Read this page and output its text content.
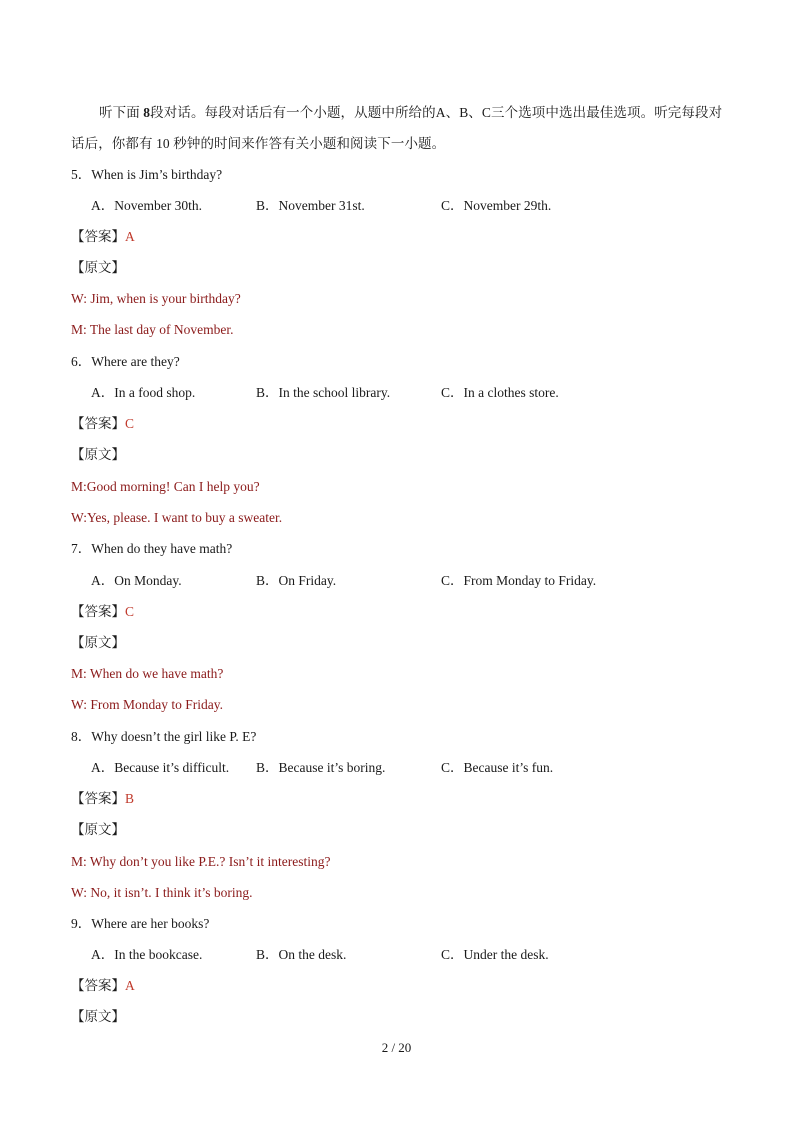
听下面 8段对话。每段对话后有一个小题，从题中所给的A、B、C三个选项中选出最佳选项。听完每段对话后，你都有 10 秒钟的时间来作答有关小题和阅读下一小题。
5．When is Jim’s birthday?
A．November 30th.	B．November 31st.	C．November 29th.
【答案】A
【原文】
W: Jim, when is your birthday?
M: The last day of November.
6．Where are they?
A．In a food shop.	B．In the school library.	C．In a clothes store.
【答案】C
【原文】
M:Good morning! Can I help you?
W:Yes, please. I want to buy a sweater.
7．When do they have math?
A．On Monday.	B．On Friday.	C．From Monday to Friday.
【答案】C
【原文】
M: When do we have math?
W: From Monday to Friday.
8．Why doesn’t the girl like P. E?
A．Because it’s difficult. B．Because it’s boring.	C．Because it’s fun.
【答案】B
【原文】
M: Why don’t you like P.E.? Isn’t it interesting?
W: No, it isn’t. I think it’s boring.
9．Where are her books?
A．In the bookcase.	B．On the desk.	C．Under the desk.
【答案】A
【原文】
2 / 20
